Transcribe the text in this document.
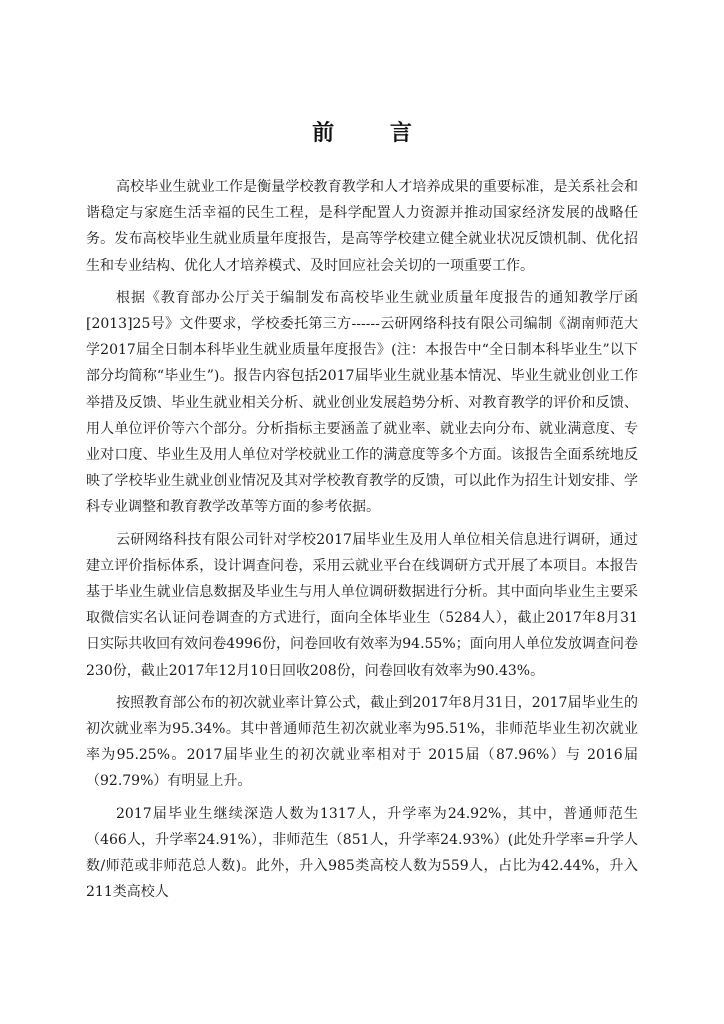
前 言

高校毕业生就业工作是衡量学校教育教学和人才培养成果的重要标准，是关系社会和谐稳定与家庭生活幸福的民生工程，是科学配置人力资源并推动国家经济发展的战略任务。发布高校毕业生就业质量年度报告，是高等学校建立健全就业状况反馈机制、优化招生和专业结构、优化人才培养模式、及时回应社会关切的一项重要工作。

根据《教育部办公厅关于编制发布高校毕业生就业质量年度报告的通知教学厅函[2013]25号》文件要求，学校委托第三方------云研网络科技有限公司编制《湖南师范大学2017届全日制本科毕业生就业质量年度报告》(注：本报告中“全日制本科毕业生”以下部分均简称“毕业生”)。报告内容包括2017届毕业生就业基本情况、毕业生就业创业工作举措及反馈、毕业生就业相关分析、就业创业发展趋势分析、对教育教学的评价和反馈、用人单位评价等六个部分。分析指标主要涵盖了就业率、就业去向分布、就业满意度、专业对口度、毕业生及用人单位对学校就业工作的满意度等多个方面。该报告全面系统地反映了学校毕业生就业创业情况及其对学校教育教学的反馈，可以此作为招生计划安排、学科专业调整和教育教学改革等方面的参考依据。

云研网络科技有限公司针对学校2017届毕业生及用人单位相关信息进行调研，通过建立评价指标体系，设计调查问卷，采用云就业平台在线调研方式开展了本项目。本报告基于毕业生就业信息数据及毕业生与用人单位调研数据进行分析。其中面向毕业生主要采取微信实名认证问卷调查的方式进行，面向全体毕业生（5284人），截止2017年8月31日实际共收回有效问卷4996份，问卷回收有效率为94.55%；面向用人单位发放调查问卷230份，截止2017年12月10日回收208份，问卷回收有效率为90.43%。

按照教育部公布的初次就业率计算公式，截止到2017年8月31日，2017届毕业生的初次就业率为95.34%。其中普通师范生初次就业率为95.51%，非师范毕业生初次就业率为95.25%。2017届毕业生的初次就业率相对于 2015届（87.96%）与 2016届（92.79%）有明显上升。

2017届毕业生继续深造人数为1317人，升学率为24.92%，其中，普通师范生（466人，升学率24.91%），非师范生（851人，升学率24.93%）(此处升学率=升学人数/师范或非师范总人数)。此外，升入985类高校人数为559人，占比为42.44%，升入211类高校人
